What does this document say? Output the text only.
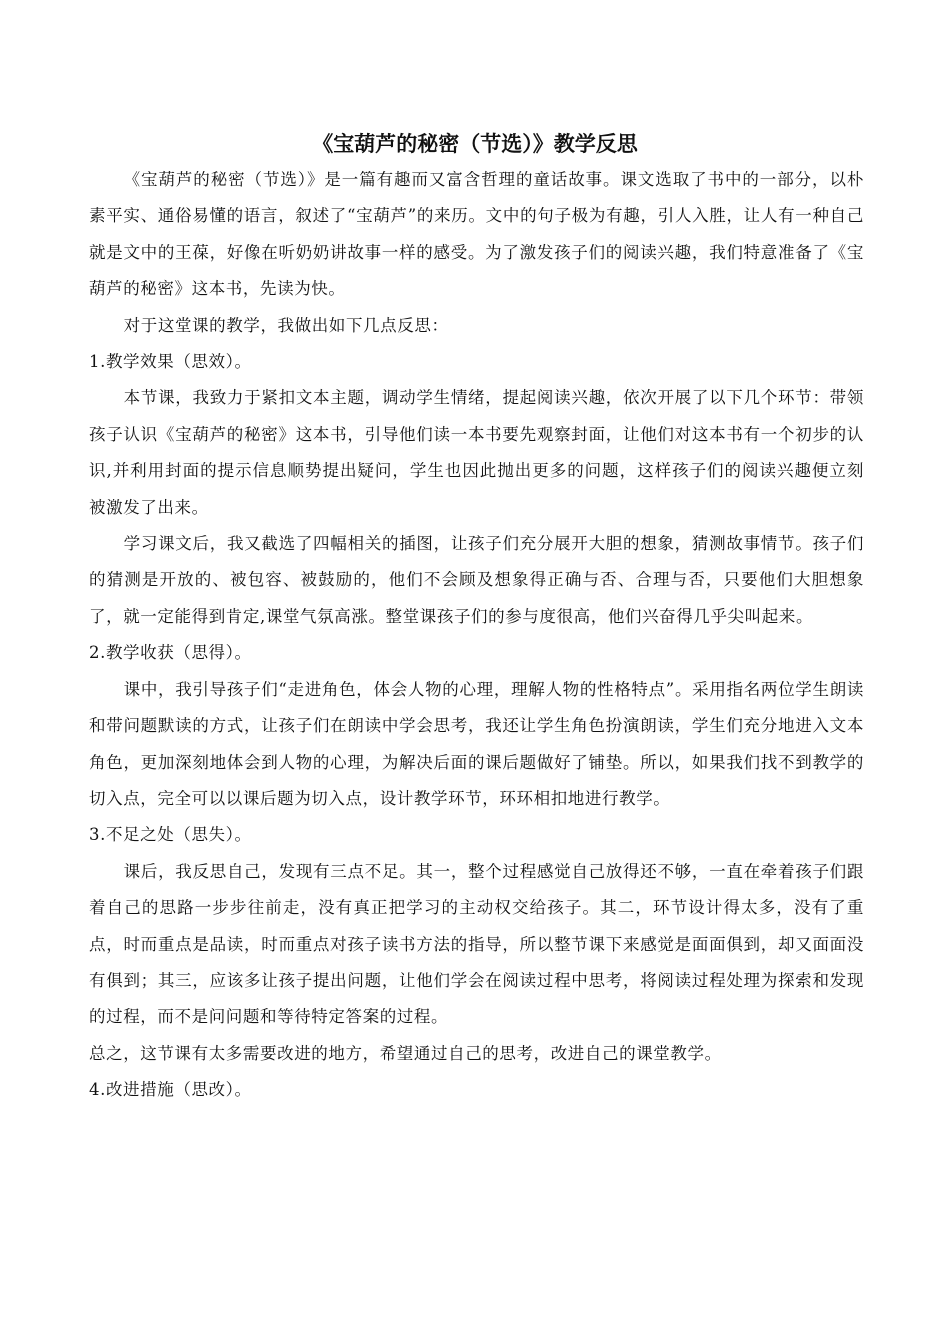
《宝葫芦的秘密（节选）》教学反思

《宝葫芦的秘密（节选）》是一篇有趣而又富含哲理的童话故事。课文选取了书中的一部分，以朴素平实、通俗易懂的语言，叙述了“宝葫芦”的来历。文中的句子极为有趣，引人入胜，让人有一种自己就是文中的王葆，好像在听奶奶讲故事一样的感受。为了激发孩子们的阅读兴趣，我们特意准备了《宝葫芦的秘密》这本书，先读为快。

对于这堂课的教学，我做出如下几点反思：

1.教学效果（思效）。

本节课，我致力于紧扣文本主题，调动学生情绪，提起阅读兴趣，依次开展了以下几个环节：带领孩子认识《宝葫芦的秘密》这本书，引导他们读一本书要先观察封面，让他们对这本书有一个初步的认识,并利用封面的提示信息顺势提出疑问，学生也因此抛出更多的问题，这样孩子们的阅读兴趣便立刻被激发了出来。

学习课文后，我又截选了四幅相关的插图，让孩子们充分展开大胆的想象，猜测故事情节。孩子们的猜测是开放的、被包容、被鼓励的，他们不会顾及想象得正确与否、合理与否，只要他们大胆想象了，就一定能得到肯定,课堂气氛高涨。整堂课孩子们的参与度很高，他们兴奋得几乎尖叫起来。

2.教学收获（思得）。

课中，我引导孩子们“走进角色，体会人物的心理，理解人物的性格特点”。采用指名两位学生朗读和带问题默读的方式，让孩子们在朗读中学会思考，我还让学生角色扮演朗读，学生们充分地进入文本角色，更加深刻地体会到人物的心理，为解决后面的课后题做好了铺垫。所以，如果我们找不到教学的切入点，完全可以以课后题为切入点，设计教学环节，环环相扣地进行教学。

3.不足之处（思失）。

课后，我反思自己，发现有三点不足。其一，整个过程感觉自己放得还不够，一直在牵着孩子们跟着自己的思路一步步往前走，没有真正把学习的主动权交给孩子。其二，环节设计得太多，没有了重点，时而重点是品读，时而重点对孩子读书方法的指导，所以整节课下来感觉是面面俱到，却又面面没有俱到；其三，应该多让孩子提出问题，让他们学会在阅读过程中思考，将阅读过程处理为探索和发现的过程，而不是问问题和等待特定答案的过程。

总之，这节课有太多需要改进的地方，希望通过自己的思考，改进自己的课堂教学。

4.改进措施（思改）。
